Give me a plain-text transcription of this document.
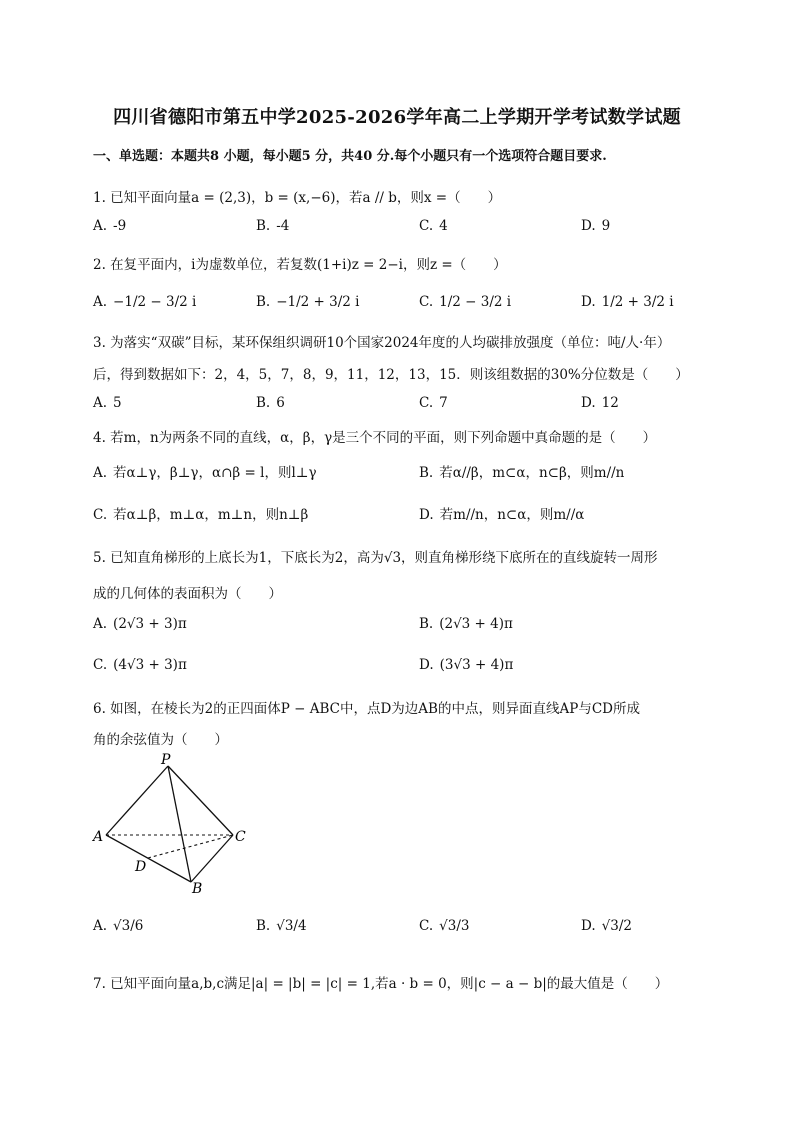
四川省德阳市第五中学2025-2026学年高二上学期开学考试数学试题
一、单选题：本题共8 小题，每小题5 分，共40 分.每个小题只有一个选项符合题目要求.
1. 已知平面向量a = (2,3)，b = (x,−6)，若a // b，则x =（　　）
A. -9	B. -4	C. 4	D. 9
2. 在复平面内，i为虚数单位，若复数(1+i)z = 2−i，则z =（　　）
A. −1/2 − 3/2 i	B. −1/2 + 3/2 i	C. 1/2 − 3/2 i	D. 1/2 + 3/2 i
3. 为落实“双碳”目标，某环保组织调研10个国家2024年度的人均碳排放强度（单位：吨/人·年）
后，得到数据如下：2，4，5，7，8，9，11，12，13，15．则该组数据的30%分位数是（　　）
A. 5	B. 6	C. 7	D. 12
4. 若m，n为两条不同的直线，α，β，γ是三个不同的平面，则下列命题中真命题的是（　　）
A. 若α⊥γ，β⊥γ，α∩β = l，则l⊥γ	B. 若α//β，m⊂α，n⊂β，则m//n
C. 若α⊥β，m⊥α，m⊥n，则n⊥β	D. 若m//n，n⊂α，则m//α
5. 已知直角梯形的上底长为1，下底长为2，高为√3，则直角梯形绕下底所在的直线旋转一周形
成的几何体的表面积为（　　）
A. (2√3 + 3)π	B. (2√3 + 4)π
C. (4√3 + 3)π	D. (3√3 + 4)π
6. 如图，在棱长为2的正四面体P − ABC中，点D为边AB的中点，则异面直线AP与CD所成
角的余弦值为（　　）
P
A	C
D
B
A. √3/6	B. √3/4	C. √3/3	D. √3/2
7. 已知平面向量a,b,c满足|a| = |b| = |c| = 1,若a · b = 0，则|c − a − b|的最大值是（　　）
